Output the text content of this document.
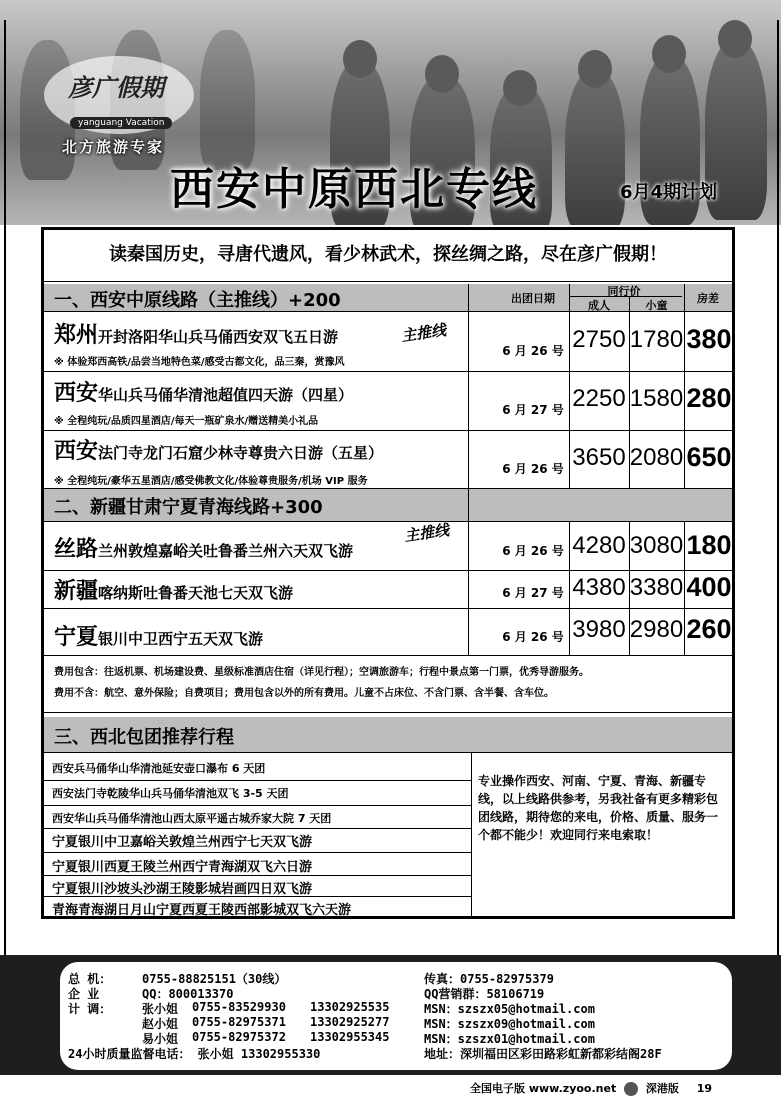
彦广假期
yanguang Vacation
北方旅游专家
西安中原西北专线	6月4期计划
读秦国历史，寻唐代遗风，看少林武术，探丝绸之路，尽在彦广假期！
一、西安中原线路（主推线）+200	出团日期
同行价
成人	小童
房差
郑州开封洛阳华山兵马俑西安双飞五日游	主推线
※ 体验郑西高铁/品尝当地特色菜/感受古都文化，品三秦，赏豫风
6 月 26 号 2750 1780 380
西安华山兵马俑华清池超值四天游（四星）
※ 全程纯玩/品质四星酒店/每天一瓶矿泉水/赠送精美小礼品
6 月 27 号 2250 1580 280
西安法门寺龙门石窟少林寺尊贵六日游（五星）
※ 全程纯玩/豪华五星酒店/感受佛教文化/体验尊贵服务/机场 VIP 服务
6 月 26 号 3650 2080 650
二、新疆甘肃宁夏青海线路+300
丝路兰州敦煌嘉峪关吐鲁番兰州六天双飞游
主推线
6 月 26 号 4280 3080 180
新疆喀纳斯吐鲁番天池七天双飞游	6 月 27 号 4380 3380 400
宁夏银川中卫西宁五天双飞游	6 月 26 号 3980 2980 260
费用包含：往返机票、机场建设费、星级标准酒店住宿（详见行程）；空调旅游车；行程中景点第一门票，优秀导游服务。
费用不含：航空、意外保险；自费项目；费用包含以外的所有费用。儿童不占床位、不含门票、含半餐、含车位。
三、西北包团推荐行程
西安兵马俑华山华清池延安壶口瀑布 6 天团
西安法门寺乾陵华山兵马俑华清池双飞 3-5 天团
西安华山兵马俑华清池山西太原平遥古城乔家大院 7 天团
宁夏银川中卫嘉峪关敦煌兰州西宁七天双飞游
宁夏银川西夏王陵兰州西宁青海湖双飞六日游
宁夏银川沙坡头沙湖王陵影城岩画四日双飞游
青海青海湖日月山宁夏西夏王陵西部影城双飞六天游
专业操作西安、河南、宁夏、青海、新疆专线，以上线路供参考，另我社备有更多精彩包团线路，期待您的来电，价格、质量、服务一个都不能少！欢迎同行来电索取！
总 机：	0755-88825151（30线）
企 业	QQ：800013370
计 调：	张小姐 0755-83529930 13302925535
赵小姐 0755-82975371 13302925277
易小姐 0755-82975372 13302955345
24小时质量监督电话： 张小姐 13302955330
传真：0755-82975379
QQ营销群：58106719
MSN：szszx05@hotmail.com
MSN：szszx09@hotmail.com
MSN：szszx01@hotmail.com
地址：深圳福田区彩田路彩虹新都彩结阁28F
全国电子版 www.zyoo.net	深港版 19
